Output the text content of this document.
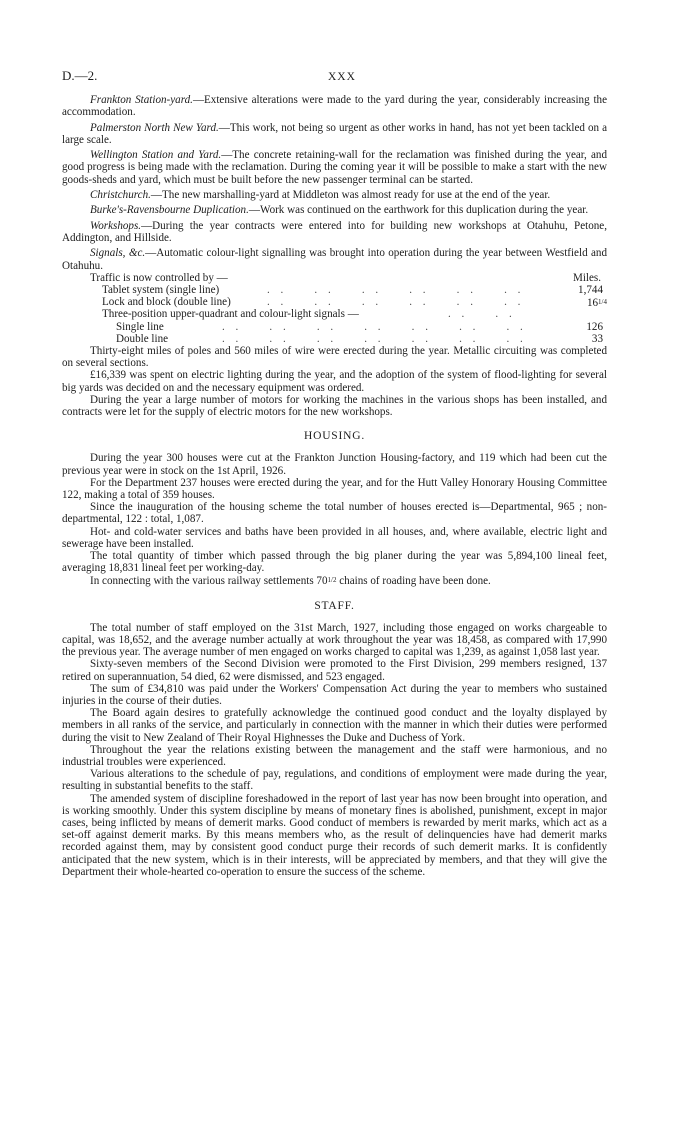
D.—2.	XXX

Frankton Station-yard.—Extensive alterations were made to the yard during the year, considerably increasing the accommodation.

Palmerston North New Yard.—This work, not being so urgent as other works in hand, has not yet been tackled on a large scale.

Wellington Station and Yard.—The concrete retaining-wall for the reclamation was finished during the year, and good progress is being made with the reclamation. During the coming year it will be possible to make a start with the new goods-sheds and yard, which must be built before the new passenger terminal can be started.

Christchurch.—The new marshalling-yard at Middleton was almost ready for use at the end of the year.

Burke's-Ravensbourne Duplication.—Work was continued on the earthwork for this duplication during the year.

Workshops.—During the year contracts were entered into for building new workshops at Otahuhu, Petone, Addington, and Hillside.

Signals, &c.—Automatic colour-light signalling was brought into operation during the year between Westfield and Otahuhu.

Traffic is now controlled by —	Miles.
Tablet system (single line)	. .    . .    . .    . .    . .    . .	1,744
Lock and block (double line)	. .    . .    . .    . .    . .    . .	161/4
Three-position upper-quadrant and colour-light signals —	. .    . .
Single line	. .    . .    . .    . .    . .    . .    . .	126
Double line	. .    . .    . .    . .    . .    . .    . .	33

Thirty-eight miles of poles and 560 miles of wire were erected during the year. Metallic circuiting was completed on several sections.

£16,339 was spent on electric lighting during the year, and the adoption of the system of flood-lighting for several big yards was decided on and the necessary equipment was ordered.

During the year a large number of motors for working the machines in the various shops has been installed, and contracts were let for the supply of electric motors for the new workshops.

HOUSING.

During the year 300 houses were cut at the Frankton Junction Housing-factory, and 119 which had been cut the previous year were in stock on the 1st April, 1926.

For the Department 237 houses were erected during the year, and for the Hutt Valley Honorary Housing Committee 122, making a total of 359 houses.

Since the inauguration of the housing scheme the total number of houses erected is—Departmental, 965 ; non-departmental, 122 : total, 1,087.

Hot- and cold-water services and baths have been provided in all houses, and, where available, electric light and sewerage have been installed.

The total quantity of timber which passed through the big planer during the year was 5,894,100 lineal feet, averaging 18,831 lineal feet per working-day.

In connecting with the various railway settlements 701/2 chains of roading have been done.

STAFF.

The total number of staff employed on the 31st March, 1927, including those engaged on works chargeable to capital, was 18,652, and the average number actually at work throughout the year was 18,458, as compared with 17,990 the previous year. The average number of men engaged on works charged to capital was 1,239, as against 1,058 last year.

Sixty-seven members of the Second Division were promoted to the First Division, 299 members resigned, 137 retired on superannuation, 54 died, 62 were dismissed, and 523 engaged.

The sum of £34,810 was paid under the Workers' Compensation Act during the year to members who sustained injuries in the course of their duties.

The Board again desires to gratefully acknowledge the continued good conduct and the loyalty displayed by members in all ranks of the service, and particularly in connection with the manner in which their duties were performed during the visit to New Zealand of Their Royal Highnesses the Duke and Duchess of York.

Throughout the year the relations existing between the management and the staff were harmonious, and no industrial troubles were experienced.

Various alterations to the schedule of pay, regulations, and conditions of employment were made during the year, resulting in substantial benefits to the staff.

The amended system of discipline foreshadowed in the report of last year has now been brought into operation, and is working smoothly. Under this system discipline by means of monetary fines is abolished, punishment, except in major cases, being inflicted by means of demerit marks. Good conduct of members is rewarded by merit marks, which act as a set-off against demerit marks. By this means members who, as the result of delinquencies have had demerit marks recorded against them, may by consistent good conduct purge their records of such demerit marks. It is confidently anticipated that the new system, which is in their interests, will be appreciated by members, and that they will give the Department their whole-hearted co-operation to ensure the success of the scheme.
